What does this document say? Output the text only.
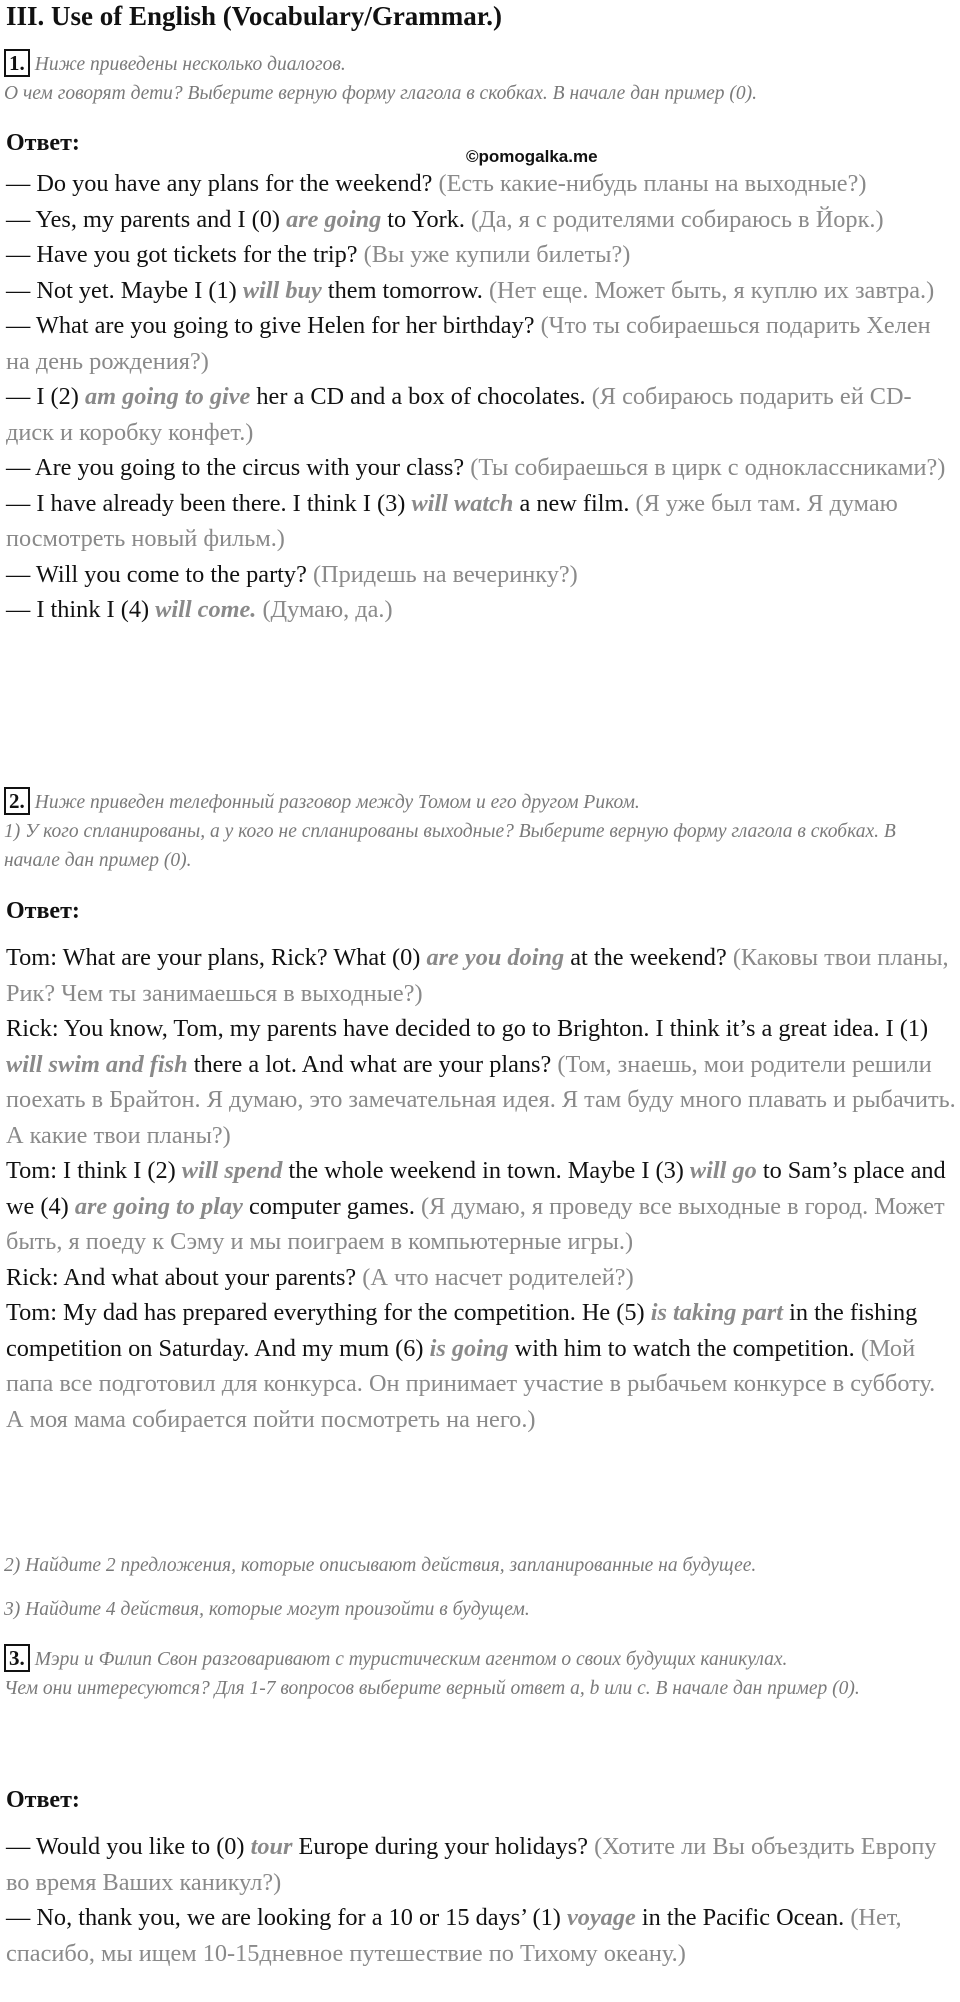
III. Use of English (Vocabulary/Grammar.)
1. Ниже приведены несколько диалогов.
О чем говорят дети? Выберите верную форму глагола в скобках. В начале дан пример (0).
Ответ:
©pomogalka.me

— Do you have any plans for the weekend? (Есть какие-нибудь планы на выходные?)

— Yes, my parents and I (0) are going to York. (Да, я с родителями собираюсь в Йорк.)

— Have you got tickets for the trip? (Вы уже купили билеты?)

— Not yet. Maybe I (1) will buy them tomorrow. (Нет еще. Может быть, я куплю их завтра.)

— What are you going to give Helen for her birthday? (Что ты собираешься подарить Хелен на день рождения?)

— I (2) am going to give her a CD and a box of chocolates. (Я собираюсь подарить ей CD-диск и коробку конфет.)

— Are you going to the circus with your class? (Ты собираешься в цирк с одноклассниками?)

— I have already been there. I think I (3) will watch a new film. (Я уже был там. Я думаю посмотреть новый фильм.)

— Will you come to the party? (Придешь на вечеринку?)

— I think I (4) will come. (Думаю, да.)

2. Ниже приведен телефонный разговор между Томом и его другом Риком.
1) У кого спланированы, а у кого не спланированы выходные? Выберите верную форму глагола в скобках. В начале дан пример (0).
Ответ:

Tom: What are your plans, Rick? What (0) are you doing at the weekend? (Каковы твои планы, Рик? Чем ты занимаешься в выходные?)

Rick: You know, Tom, my parents have decided to go to Brighton. I think it’s a great idea. I (1) will swim and fish there a lot. And what are your plans? (Том, знаешь, мои родители решили поехать в Брайтон. Я думаю, это замечательная идея. Я там буду много плавать и рыбачить. А какие твои планы?)

Tom: I think I (2) will spend the whole weekend in town. Maybe I (3) will go to Sam’s place and we (4) are going to play computer games. (Я думаю, я проведу все выходные в город. Может быть, я поеду к Сэму и мы поиграем в компьютерные игры.)

Rick: And what about your parents? (А что насчет родителей?)

Tom: My dad has prepared everything for the competition. He (5) is taking part in the fishing competition on Saturday. And my mum (6) is going with him to watch the competition. (Мой папа все подготовил для конкурса. Он принимает участие в рыбачьем конкурсе в субботу. А моя мама собирается пойти посмотреть на него.)

2) Найдите 2 предложения, которые описывают действия, запланированные на будущее.
3) Найдите 4 действия, которые могут произойти в будущем.
3. Мэри и Филип Свон разговаривают с туристическим агентом о своих будущих каникулах.
Чем они интересуются? Для 1-7 вопросов выберите верный ответ a, b или c. В начале дан пример (0).
Ответ:

— Would you like to (0) tour Europe during your holidays? (Хотите ли Вы объездить Европу во время Ваших каникул?)

— No, thank you, we are looking for a 10 or 15 days’ (1) voyage in the Pacific Ocean. (Нет, спасибо, мы ищем 10-15дневное путешествие по Тихому океану.)
